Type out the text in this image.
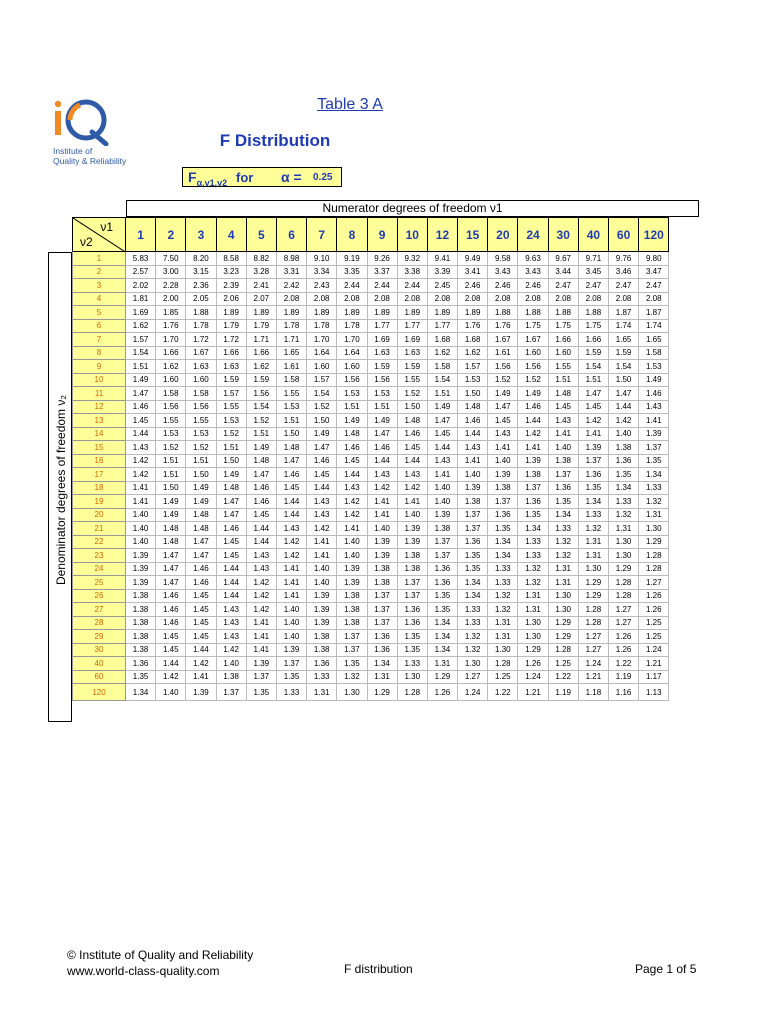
Institute of
Quality & Reliability
Table 3 A
F Distribution
$F_{\alpha,v1,v2}$ for α = 0.25
Numerator degrees of freedom ν1
ν1
ν2
1	2	3	4	5	6	7	8	9	10	12	15	20	24	30	40	60	120
Denominator degrees of freedom ν₂
1	5.83	7.50	8.20	8.58	8.82	8.98	9.10	9.19	9.26	9.32	9.41	9.49	9.58	9.63	9.67	9.71	9.76	9.80
2	2.57	3.00	3.15	3.23	3.28	3.31	3.34	3.35	3.37	3.38	3.39	3.41	3.43	3.43	3.44	3.45	3.46	3.47
3	2.02	2.28	2.36	2.39	2.41	2.42	2.43	2.44	2.44	2.44	2.45	2.46	2.46	2.46	2.47	2.47	2.47	2.47
4	1.81	2.00	2.05	2.06	2.07	2.08	2.08	2.08	2.08	2.08	2.08	2.08	2.08	2.08	2.08	2.08	2.08	2.08
5	1.69	1.85	1.88	1.89	1.89	1.89	1.89	1.89	1.89	1.89	1.89	1.89	1.88	1.88	1.88	1.88	1.87	1.87
6	1.62	1.76	1.78	1.79	1.79	1.78	1.78	1.78	1.77	1.77	1.77	1.76	1.76	1.75	1.75	1.75	1.74	1.74
7	1.57	1.70	1.72	1.72	1.71	1.71	1.70	1.70	1.69	1.69	1.68	1.68	1.67	1.67	1.66	1.66	1.65	1.65
8	1.54	1.66	1.67	1.66	1.66	1.65	1.64	1.64	1.63	1.63	1.62	1.62	1.61	1.60	1.60	1.59	1.59	1.58
9	1.51	1.62	1.63	1.63	1.62	1.61	1.60	1.60	1.59	1.59	1.58	1.57	1.56	1.56	1.55	1.54	1.54	1.53
10	1.49	1.60	1.60	1.59	1.59	1.58	1.57	1.56	1.56	1.55	1.54	1.53	1.52	1.52	1.51	1.51	1.50	1.49
11	1.47	1.58	1.58	1.57	1.56	1.55	1.54	1.53	1.53	1.52	1.51	1.50	1.49	1.49	1.48	1.47	1.47	1.46
12	1.46	1.56	1.56	1.55	1.54	1.53	1.52	1.51	1.51	1.50	1.49	1.48	1.47	1.46	1.45	1.45	1.44	1.43
13	1.45	1.55	1.55	1.53	1.52	1.51	1.50	1.49	1.49	1.48	1.47	1.46	1.45	1.44	1.43	1.42	1.42	1.41
14	1.44	1.53	1.53	1.52	1.51	1.50	1.49	1.48	1.47	1.46	1.45	1.44	1.43	1.42	1.41	1.41	1.40	1.39
15	1.43	1.52	1.52	1.51	1.49	1.48	1.47	1.46	1.46	1.45	1.44	1.43	1.41	1.41	1.40	1.39	1.38	1.37
16	1.42	1.51	1.51	1.50	1.48	1.47	1.46	1.45	1.44	1.44	1.43	1.41	1.40	1.39	1.38	1.37	1.36	1.35
17	1.42	1.51	1.50	1.49	1.47	1.46	1.45	1.44	1.43	1.43	1.41	1.40	1.39	1.38	1.37	1.36	1.35	1.34
18	1.41	1.50	1.49	1.48	1.46	1.45	1.44	1.43	1.42	1.42	1.40	1.39	1.38	1.37	1.36	1.35	1.34	1.33
19	1.41	1.49	1.49	1.47	1.46	1.44	1.43	1.42	1.41	1.41	1.40	1.38	1.37	1.36	1.35	1.34	1.33	1.32
20	1.40	1.49	1.48	1.47	1.45	1.44	1.43	1.42	1.41	1.40	1.39	1.37	1.36	1.35	1.34	1.33	1.32	1.31
21	1.40	1.48	1.48	1.46	1.44	1.43	1.42	1.41	1.40	1.39	1.38	1.37	1.35	1.34	1.33	1.32	1.31	1.30
22	1.40	1.48	1.47	1.45	1.44	1.42	1.41	1.40	1.39	1.39	1.37	1.36	1.34	1.33	1.32	1.31	1.30	1.29
23	1.39	1.47	1.47	1.45	1.43	1.42	1.41	1.40	1.39	1.38	1.37	1.35	1.34	1.33	1.32	1.31	1.30	1.28
24	1.39	1.47	1.46	1.44	1.43	1.41	1.40	1.39	1.38	1.38	1.36	1.35	1.33	1.32	1.31	1.30	1.29	1.28
25	1.39	1.47	1.46	1.44	1.42	1.41	1.40	1.39	1.38	1.37	1.36	1.34	1.33	1.32	1.31	1.29	1.28	1.27
26	1.38	1.46	1.45	1.44	1.42	1.41	1.39	1.38	1.37	1.37	1.35	1.34	1.32	1.31	1.30	1.29	1.28	1.26
27	1.38	1.46	1.45	1.43	1.42	1.40	1.39	1.38	1.37	1.36	1.35	1.33	1.32	1.31	1.30	1.28	1.27	1.26
28	1.38	1.46	1.45	1.43	1.41	1.40	1.39	1.38	1.37	1.36	1.34	1.33	1.31	1.30	1.29	1.28	1.27	1.25
29	1.38	1.45	1.45	1.43	1.41	1.40	1.38	1.37	1.36	1.35	1.34	1.32	1.31	1.30	1.29	1.27	1.26	1.25
30	1.38	1.45	1.44	1.42	1.41	1.39	1.38	1.37	1.36	1.35	1.34	1.32	1.30	1.29	1.28	1.27	1.26	1.24
40	1.36	1.44	1.42	1.40	1.39	1.37	1.36	1.35	1.34	1.33	1.31	1.30	1.28	1.26	1.25	1.24	1.22	1.21
60	1.35	1.42	1.41	1.38	1.37	1.35	1.33	1.32	1.31	1.30	1.29	1.27	1.25	1.24	1.22	1.21	1.19	1.17
120	1.34	1.40	1.39	1.37	1.35	1.33	1.31	1.30	1.29	1.28	1.26	1.24	1.22	1.21	1.19	1.18	1.16	1.13
© Institute of Quality and Reliability
www.world-class-quality.com	F distribution	Page 1 of 5
